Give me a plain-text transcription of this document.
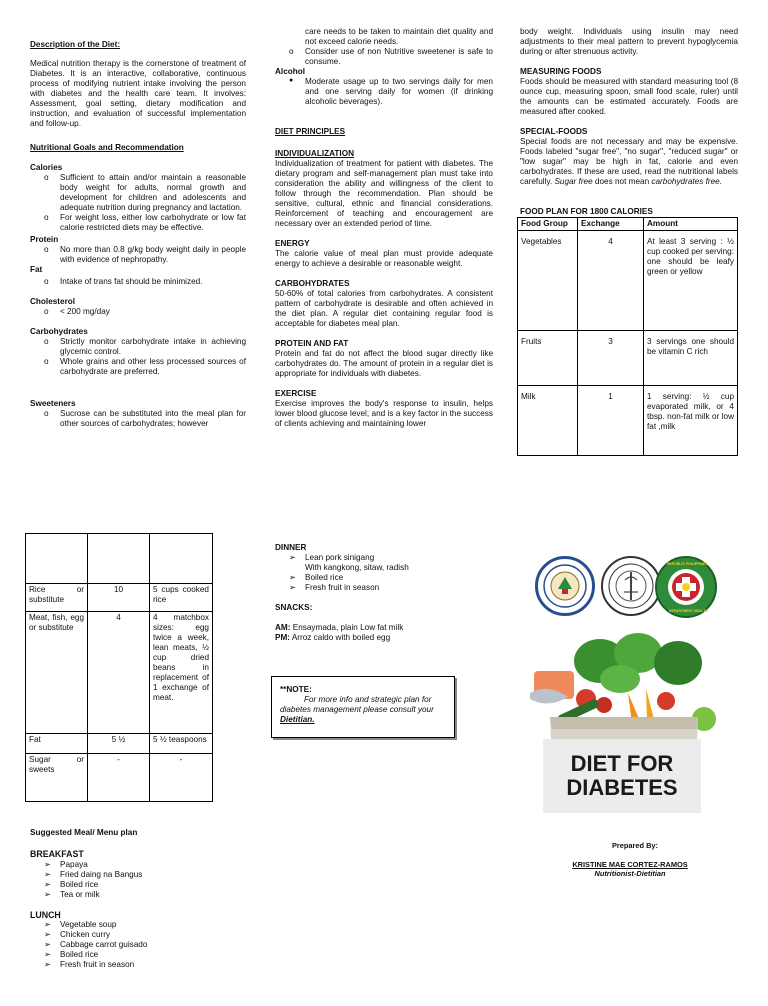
Description of the Diet:

Medical nutrition therapy is the cornerstone of treatment of Diabetes. It is an interactive, collaborative, continuous process of modifying nutrient intake involving the person with diabetes and the health care team. It involves: Assessment, goal setting, dietary modification and instruction, and evaluation of successful implementation and follow-up.

Nutritional Goals and Recommendation

Calories

o Sufficient to attain and/or maintain a reasonable body weight for adults, normal growth and development for children and adolescents and adequate nutrition during pregnancy and lactation.
o For weight loss, either low carbohydrate or low fat calorie restricted diets may be effective.

Protein

o No more than 0.8 g/kg body weight daily in people with evidence of nephropathy.

Fat

o Intake of trans fat should be minimized.

Cholesterol

o < 200 mg/day

Carbohydrates

o Strictly monitor carbohydrate intake in achieving glycemic control.
o Whole grains and other less processed sources of carbohydrate are preferred.

Sweeteners

o Sucrose can be substituted into the meal plan for other sources of carbohydrates; however
care needs to be taken to maintain diet quality and not exceed calorie needs.
o Consider use of non Nutritive sweetener is safe to consume.

Alcohol

● Moderate usage up to two servings daily for men and one serving daily for women (if drinking alcoholic beverages).

DIET PRINCIPLES

INDIVIDUALIZATION

Individualization of treatment for patient with diabetes. The dietary program and self-management plan must take into consideration the ability and willingness of the client to follow through the recommendation. Plan should be sensitive, cultural, ethnic and financial considerations. Reinforcement of teaching and encouragement are necessary over an extended period of time.

ENERGY

The calorie value of meal plan must provide adequate energy to achieve a desirable or reasonable weight.

CARBOHYDRATES

50-60% of total calories from carbohydrates. A consistent pattern of carbohydrate is desirable and often achieved in the diet plan. A regular diet containing regular food is acceptable for diabetes meal plan.

PROTEIN AND FAT

Protein and fat do not affect the blood sugar directly like carbohydrates do. The amount of protein in a regular diet is appropriate for individuals with diabetes.

EXERCISE

Exercise improves the body's response to insulin, helps lower blood glucose level, and is a key factor in the success of clients achieving and maintaining lower

body weight. Individuals using insulin may need adjustments to their meal pattern to prevent hypoglycemia during or after strenuous activity.

MEASURING FOODS

Foods should be measured with standard measuring tool (8 ounce cup, measuring spoon, small food scale, ruler) until the amounts can be estimated accurately. Foods are measured after cooked.

SPECIAL-FOODS

Special foods are not necessary and may be expensive. Foods labeled "sugar free", "no sugar", "reduced sugar" or "low sugar" may be high in fat, calorie and even carbohydrates. If these are used, read the nutritional labels carefully. Sugar free does not mean carbohydrates free.

FOOD PLAN FOR 1800 CALORIES

Food Group	Exchange	Amount
Vegetables	4	At least 3 serving : ½ cup cooked per serving: one should be leafy green or yellow
Fruits	3	3 servings one should be vitamin C rich
Milk	1	1 serving: ½ cup evaporated milk, or 4 tbsp. non-fat milk or low fat ,milk

Rice or substitute	10	5 cups cooked rice
Meat, fish, egg or substitute	4	4 matchbox sizes: egg twice a week, lean meats, ½ cup dried beans in replacement of 1 exchange of meat.
Fat	5 ½	5 ½ teaspoons
Sugar or sweets	-	-

Suggested Meal/ Menu plan

BREAKFAST

➢ Papaya
➢ Fried daing na Bangus
➢ Boiled rice
➢ Tea or milk

LUNCH

➢ Vegetable soup
➢ Chicken curry
➢ Cabbage carrot guisado
➢ Boiled rice
➢ Fresh fruit in season

DINNER

➢ Lean pork sinigang
With kangkong, sitaw, radish
➢ Boiled rice
➢ Fresh fruit in season

SNACKS:

AM: Ensaymada, plain Low fat milk

PM: Arroz caldo with boiled egg

**NOTE:

For more info and strategic plan for diabetes management please consult your Dietitian.

REPUBLIC PHILIPPINES
DEPARTMENT HEALTH
DIET FOR
DIABETES

Prepared By:

KRISTINE MAE CORTEZ-RAMOS

Nutritionist-Dietitian
